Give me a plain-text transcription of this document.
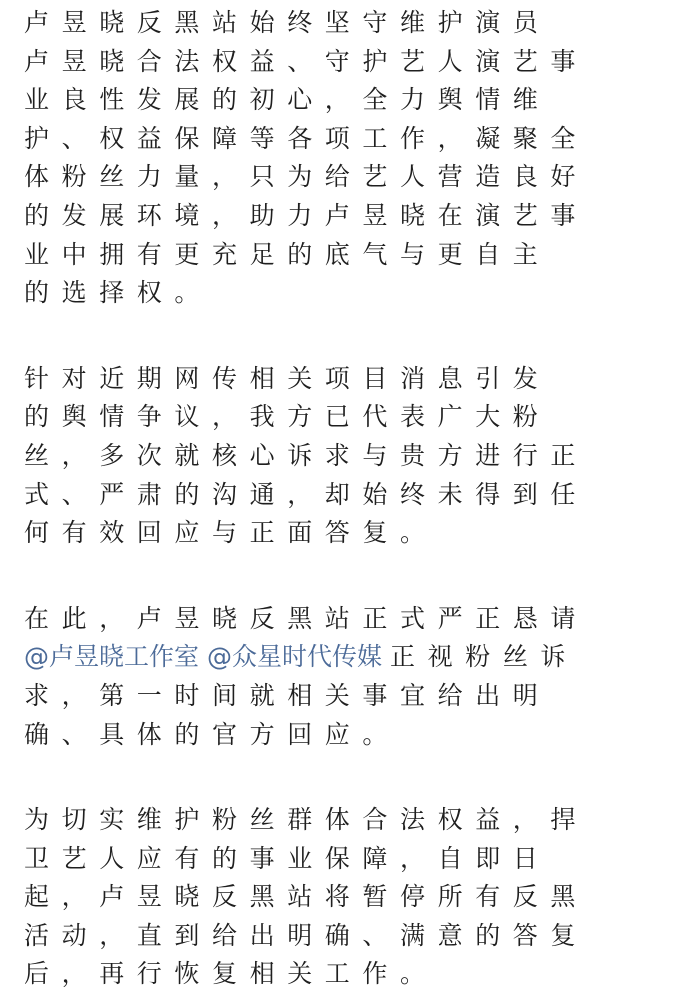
卢昱晓反黑站始终坚守维护演员
卢昱晓合法权益、守护艺人演艺事
业良性发展的初心，全力舆情维
护、权益保障等各项工作，凝聚全
体粉丝力量，只为给艺人营造良好
的发展环境，助力卢昱晓在演艺事
业中拥有更充足的底气与更自主
的选择权。
针对近期网传相关项目消息引发
的舆情争议，我方已代表广大粉
丝，多次就核心诉求与贵方进行正
式、严肃的沟通，却始终未得到任
何有效回应与正面答复。
在此，卢昱晓反黑站正式严正恳请
@卢昱晓工作室 @众星时代传媒 正视粉丝诉
求，第一时间就相关事宜给出明
确、具体的官方回应。
为切实维护粉丝群体合法权益，捍
卫艺人应有的事业保障，自即日
起，卢昱晓反黑站将暂停所有反黑
活动，直到给出明确、满意的答复
后，再行恢复相关工作。
